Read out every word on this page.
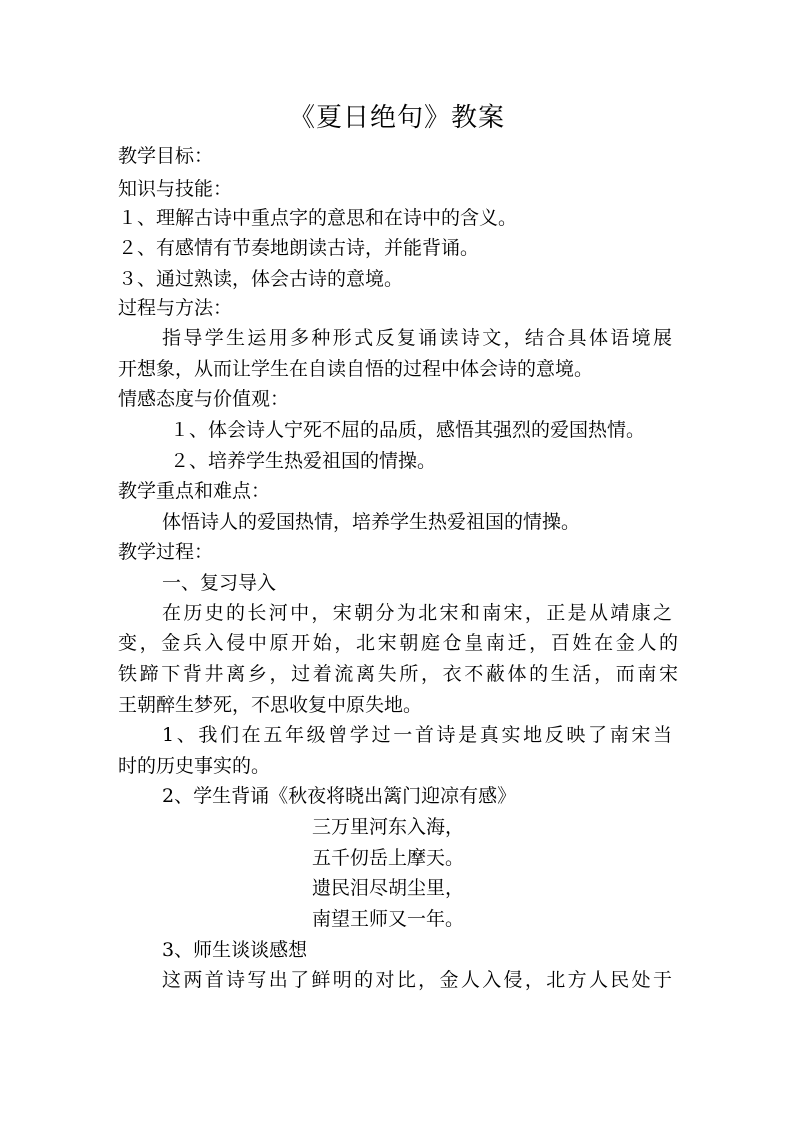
《夏日绝句》教案
教学目标：
知识与技能：
１、理解古诗中重点字的意思和在诗中的含义。
２、有感情有节奏地朗读古诗，并能背诵。
３、通过熟读，体会古诗的意境。
过程与方法：
指导学生运用多种形式反复诵读诗文，结合具体语境展
开想象，从而让学生在自读自悟的过程中体会诗的意境。
情感态度与价值观：
１、体会诗人宁死不屈的品质，感悟其强烈的爱国热情。
２、培养学生热爱祖国的情操。
教学重点和难点：
体悟诗人的爱国热情，培养学生热爱祖国的情操。
教学过程：
一、复习导入
在历史的长河中，宋朝分为北宋和南宋，正是从靖康之
变，金兵入侵中原开始，北宋朝庭仓皇南迁，百姓在金人的
铁蹄下背井离乡，过着流离失所，衣不蔽体的生活，而南宋
王朝醉生梦死，不思收复中原失地。
1、我们在五年级曾学过一首诗是真实地反映了南宋当
时的历史事实的。
2、学生背诵《秋夜将晓出篱门迎凉有感》
三万里河东入海，
五千仞岳上摩天。
遗民泪尽胡尘里，
南望王师又一年。
3、师生谈谈感想
这两首诗写出了鲜明的对比，金人入侵，北方人民处于
